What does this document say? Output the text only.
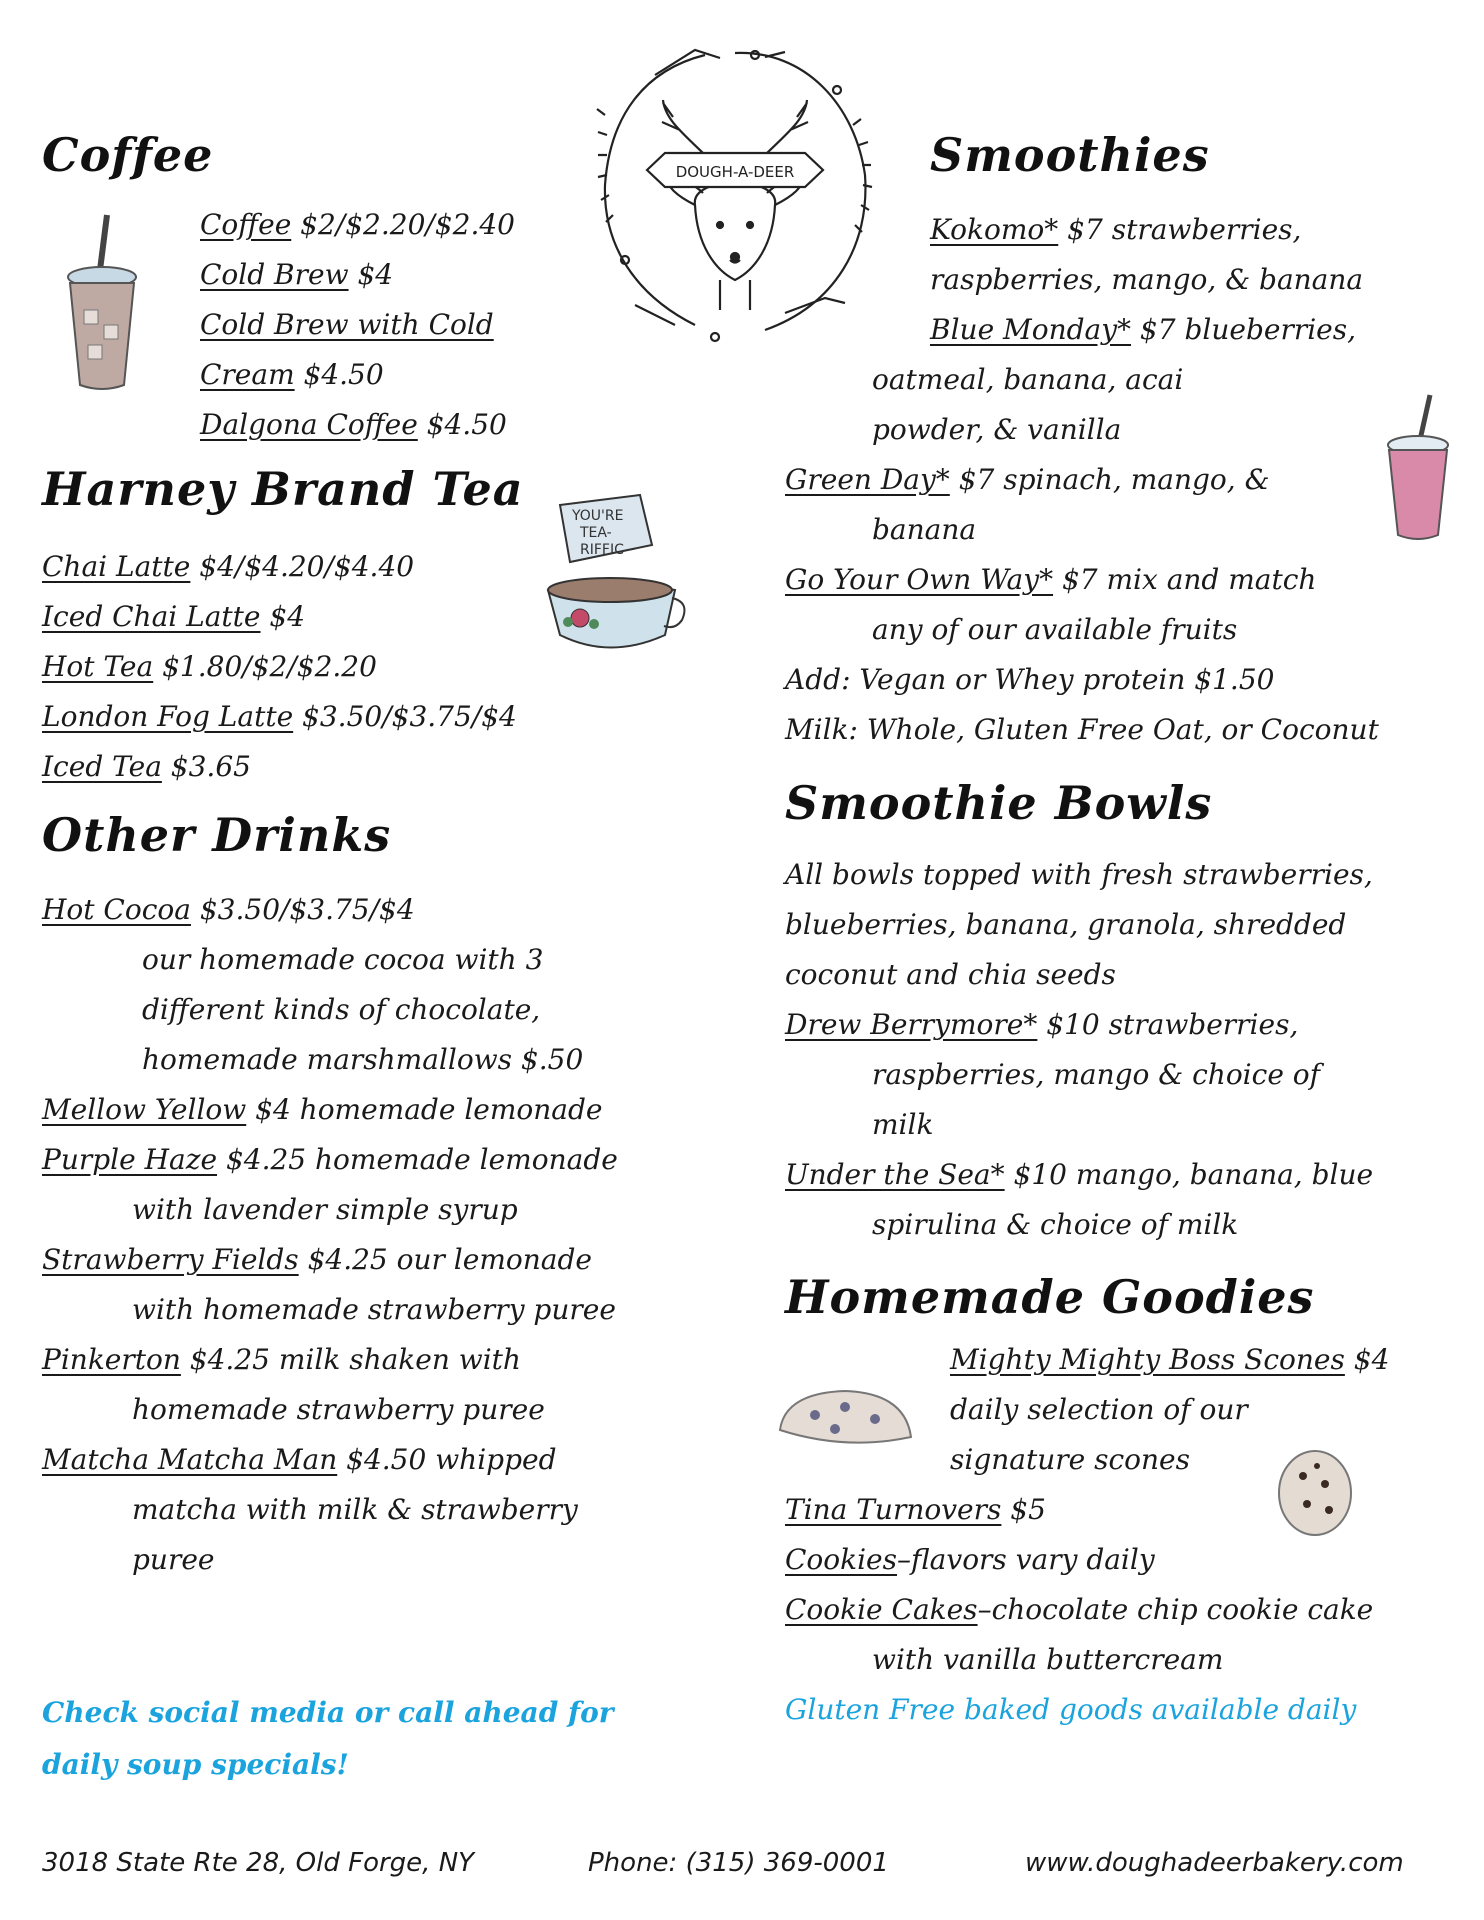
DOUGH-A-DEER
Coffee
Coffee $2/$2.20/$2.40
Cold Brew $4
Cold Brew with Cold
Cream $4.50
Dalgona Coffee $4.50
Harney Brand Tea	YOU'RE
TEA-
RIFFIC
Chai Latte $4/$4.20/$4.40
Iced Chai Latte $4
Hot Tea $1.80/$2/$2.20
London Fog Latte $3.50/$3.75/$4
Iced Tea $3.65
Other Drinks
Hot Cocoa $3.50/$3.75/$4
our homemade cocoa with 3
different kinds of chocolate,
homemade marshmallows $.50
Mellow Yellow $4 homemade lemonade
Purple Haze $4.25 homemade lemonade
with lavender simple syrup
Strawberry Fields $4.25 our lemonade
with homemade strawberry puree
Pinkerton $4.25 milk shaken with
homemade strawberry puree
Matcha Matcha Man $4.50 whipped
matcha with milk & strawberry
puree
Check social media or call ahead for
daily soup specials!
Smoothies
Kokomo* $7 strawberries,
raspberries, mango, & banana
Blue Monday* $7 blueberries,
oatmeal, banana, acai
powder, & vanilla
Green Day* $7 spinach, mango, &
banana
Go Your Own Way* $7 mix and match
any of our available fruits
Add: Vegan or Whey protein $1.50
Milk: Whole, Gluten Free Oat, or Coconut
Smoothie Bowls
All bowls topped with fresh strawberries,
blueberries, banana, granola, shredded
coconut and chia seeds
Drew Berrymore* $10 strawberries,
raspberries, mango & choice of
milk
Under the Sea* $10 mango, banana, blue
spirulina & choice of milk
Homemade Goodies
Mighty Mighty Boss Scones $4
daily selection of our
signature scones
Tina Turnovers $5
Cookies–flavors vary daily
Cookie Cakes–chocolate chip cookie cake
with vanilla buttercream
Gluten Free baked goods available daily
3018 State Rte 28, Old Forge, NY	Phone: (315) 369-0001	www.doughadeerbakery.com
